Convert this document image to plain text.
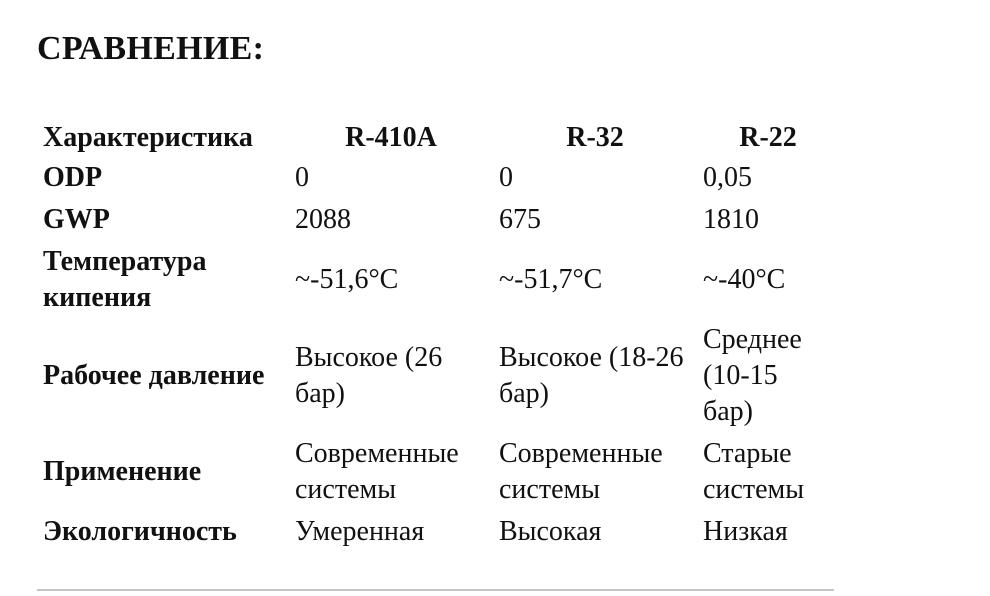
СРАВНЕНИЕ:
Характеристика	R-410A	R-32	R-22
ODP	0	0	0,05
GWP	2088	675	1810
Температура кипения	~-51,6°C	~-51,7°C	~-40°C
Рабочее давление	Высокое (26 бар)	Высокое (18-26 бар)	Среднее (10-15 бар)
Применение	Современные системы	Современные системы	Старые системы
Экологичность	Умеренная	Высокая	Низкая
